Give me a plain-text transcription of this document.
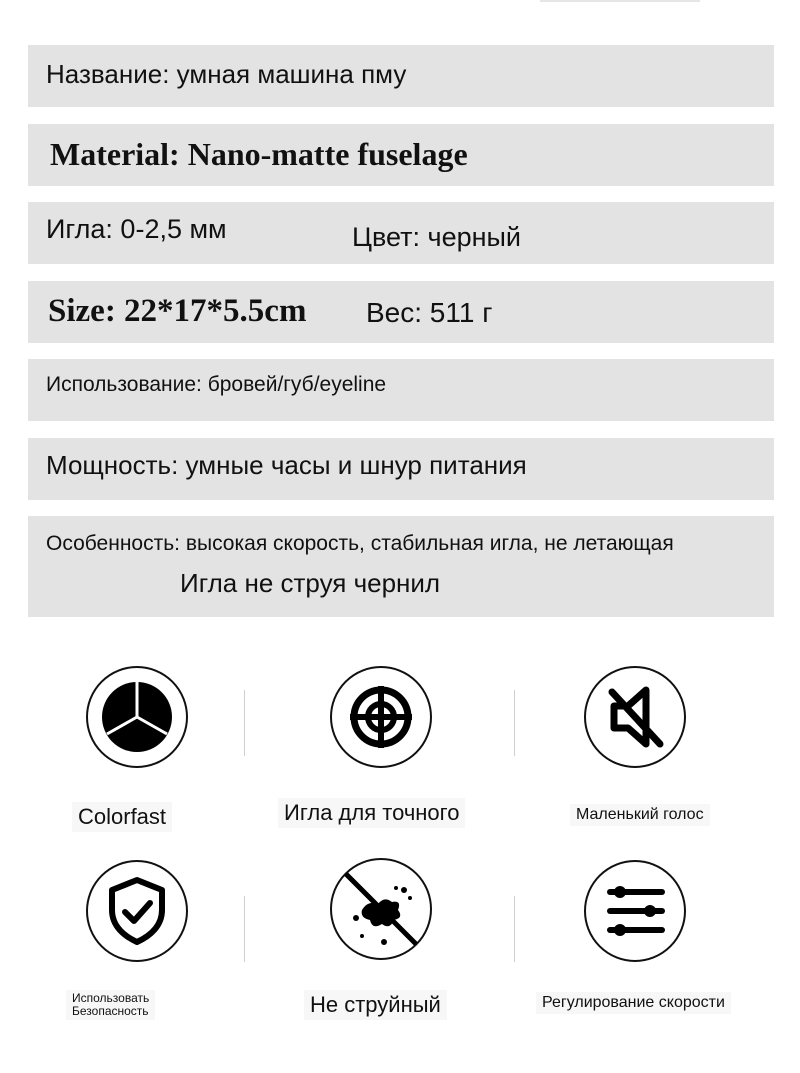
Название: умная машина пму
Material: Nano-matte fuselage
Игла: 0-2,5 мм	Цвет: черный
Size: 22*17*5.5cm Вес: 511 г
Использование: бровей/губ/eyeline
Мощность: умные часы и шнур питания
Особенность: высокая скорость, стабильная игла, не летающая
Игла не струя чернил
Colorfast	Игла для точного	Маленький голос
Использовать
Безопасность	Не струйный	Регулирование скорости
